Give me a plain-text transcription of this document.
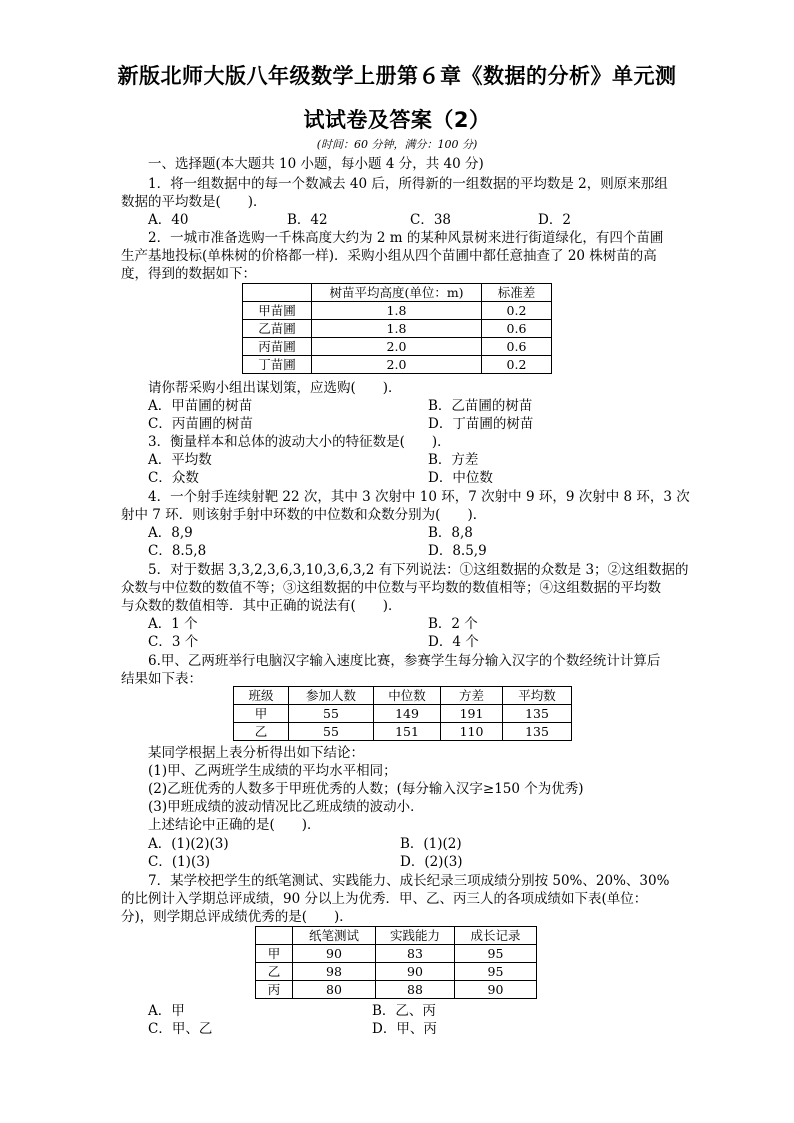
新版北师大版八年级数学上册第６章《数据的分析》单元测
试试卷及答案（2）
(时间：60 分钟，满分：100 分)
一、选择题(本大题共 10 小题，每小题 4 分，共 40 分)
1．将一组数据中的每一个数减去 40 后，所得新的一组数据的平均数是 2，则原来那组
数据的平均数是(　　)．
A．40	B．42	C．38	D．2
2．一城市准备选购一千株高度大约为 2 m 的某种风景树来进行街道绿化，有四个苗圃
生产基地投标(单株树的价格都一样)．采购小组从四个苗圃中都任意抽查了 20 株树苗的高
度，得到的数据如下：
	树苗平均高度(单位：m)	标准差
甲苗圃	1.8	0.2
乙苗圃	1.8	0.6
丙苗圃	2.0	0.6
丁苗圃	2.0	0.2
请你帮采购小组出谋划策，应选购(　　)．
A．甲苗圃的树苗	B．乙苗圃的树苗
C．丙苗圃的树苗	D．丁苗圃的树苗
3．衡量样本和总体的波动大小的特征数是(　　)．
A．平均数	B．方差
C．众数	D．中位数
4．一个射手连续射靶 22 次，其中 3 次射中 10 环，7 次射中 9 环，9 次射中 8 环，3 次
射中 7 环．则该射手射中环数的中位数和众数分别为(　　)．
A．8,9	B．8,8
C．8.5,8	D．8.5,9
5．对于数据 3,3,2,3,6,3,10,3,6,3,2 有下列说法：①这组数据的众数是 3；②这组数据的
众数与中位数的数值不等；③这组数据的中位数与平均数的数值相等；④这组数据的平均数
与众数的数值相等．其中正确的说法有(　　)．
A．1 个	B．2 个
C．3 个	D．4 个
6.甲、乙两班举行电脑汉字输入速度比赛，参赛学生每分输入汉字的个数经统计计算后
结果如下表：
班级	参加人数	中位数	方差	平均数
甲	55	149	191	135
乙	55	151	110	135
某同学根据上表分析得出如下结论：
(1)甲、乙两班学生成绩的平均水平相同；
(2)乙班优秀的人数多于甲班优秀的人数；(每分输入汉字≥150 个为优秀)
(3)甲班成绩的波动情况比乙班成绩的波动小．
上述结论中正确的是(　　)．
A．(1)(2)(3)	B．(1)(2)
C．(1)(3)	D．(2)(3)
7．某学校把学生的纸笔测试、实践能力、成长纪录三项成绩分别按 50%、20%、30%
的比例计入学期总评成绩，90 分以上为优秀．甲、乙、丙三人的各项成绩如下表(单位：
分)，则学期总评成绩优秀的是(　　)．
	纸笔测试	实践能力	成长记录
甲	90	83	95
乙	98	90	95
丙	80	88	90
A．甲	B．乙、丙
C．甲、乙	D．甲、丙
